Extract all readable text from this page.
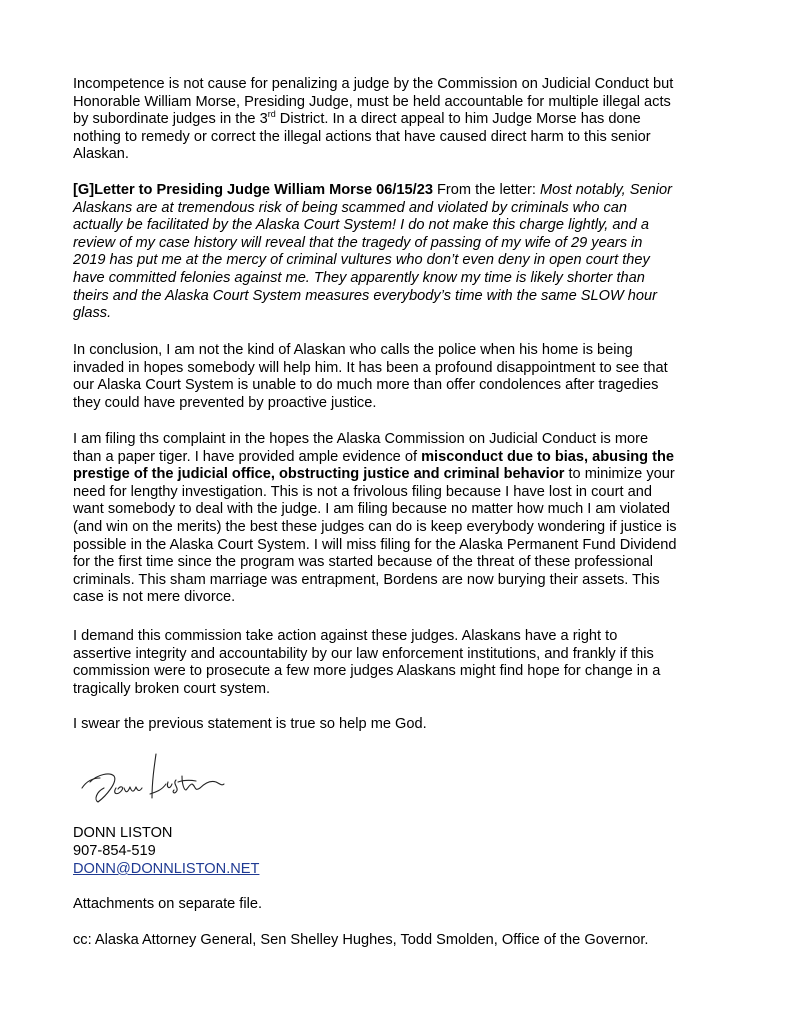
Incompetence is not cause for penalizing a judge by the Commission on Judicial Conduct but
Honorable William Morse, Presiding Judge, must be held accountable for multiple illegal acts
by subordinate judges in the 3rd District. In a direct appeal to him Judge Morse has done
nothing to remedy or correct the illegal actions that have caused direct harm to this senior
Alaskan.

[G]Letter to Presiding Judge William Morse 06/15/23 From the letter: Most notably, Senior
Alaskans are at tremendous risk of being scammed and violated by criminals who can
actually be facilitated by the Alaska Court System! I do not make this charge lightly, and a
review of my case history will reveal that the tragedy of passing of my wife of 29 years in
2019 has put me at the mercy of criminal vultures who don’t even deny in open court they
have committed felonies against me. They apparently know my time is likely shorter than
theirs and the Alaska Court System measures everybody’s time with the same SLOW hour
glass.

In conclusion, I am not the kind of Alaskan who calls the police when his home is being
invaded in hopes somebody will help him. It has been a profound disappointment to see that
our Alaska Court System is unable to do much more than offer condolences after tragedies
they could have prevented by proactive justice.

I am filing ths complaint in the hopes the Alaska Commission on Judicial Conduct is more
than a paper tiger. I have provided ample evidence of misconduct due to bias, abusing the
prestige of the judicial office, obstructing justice and criminal behavior to minimize your
need for lengthy investigation. This is not a frivolous filing because I have lost in court and
want somebody to deal with the judge. I am filing because no matter how much I am violated
(and win on the merits) the best these judges can do is keep everybody wondering if justice is
possible in the Alaska Court System. I will miss filing for the Alaska Permanent Fund Dividend
for the first time since the program was started because of the threat of these professional
criminals. This sham marriage was entrapment, Bordens are now burying their assets. This
case is not mere divorce.

I demand this commission take action against these judges. Alaskans have a right to
assertive integrity and accountability by our law enforcement institutions, and frankly if this
commission were to prosecute a few more judges Alaskans might find hope for change in a
tragically broken court system.

I swear the previous statement is true so help me God.

DONN LISTON

907-854-519

DONN@DONNLISTON.NET

Attachments on separate file.

cc: Alaska Attorney General, Sen Shelley Hughes, Todd Smolden, Office of the Governor.
